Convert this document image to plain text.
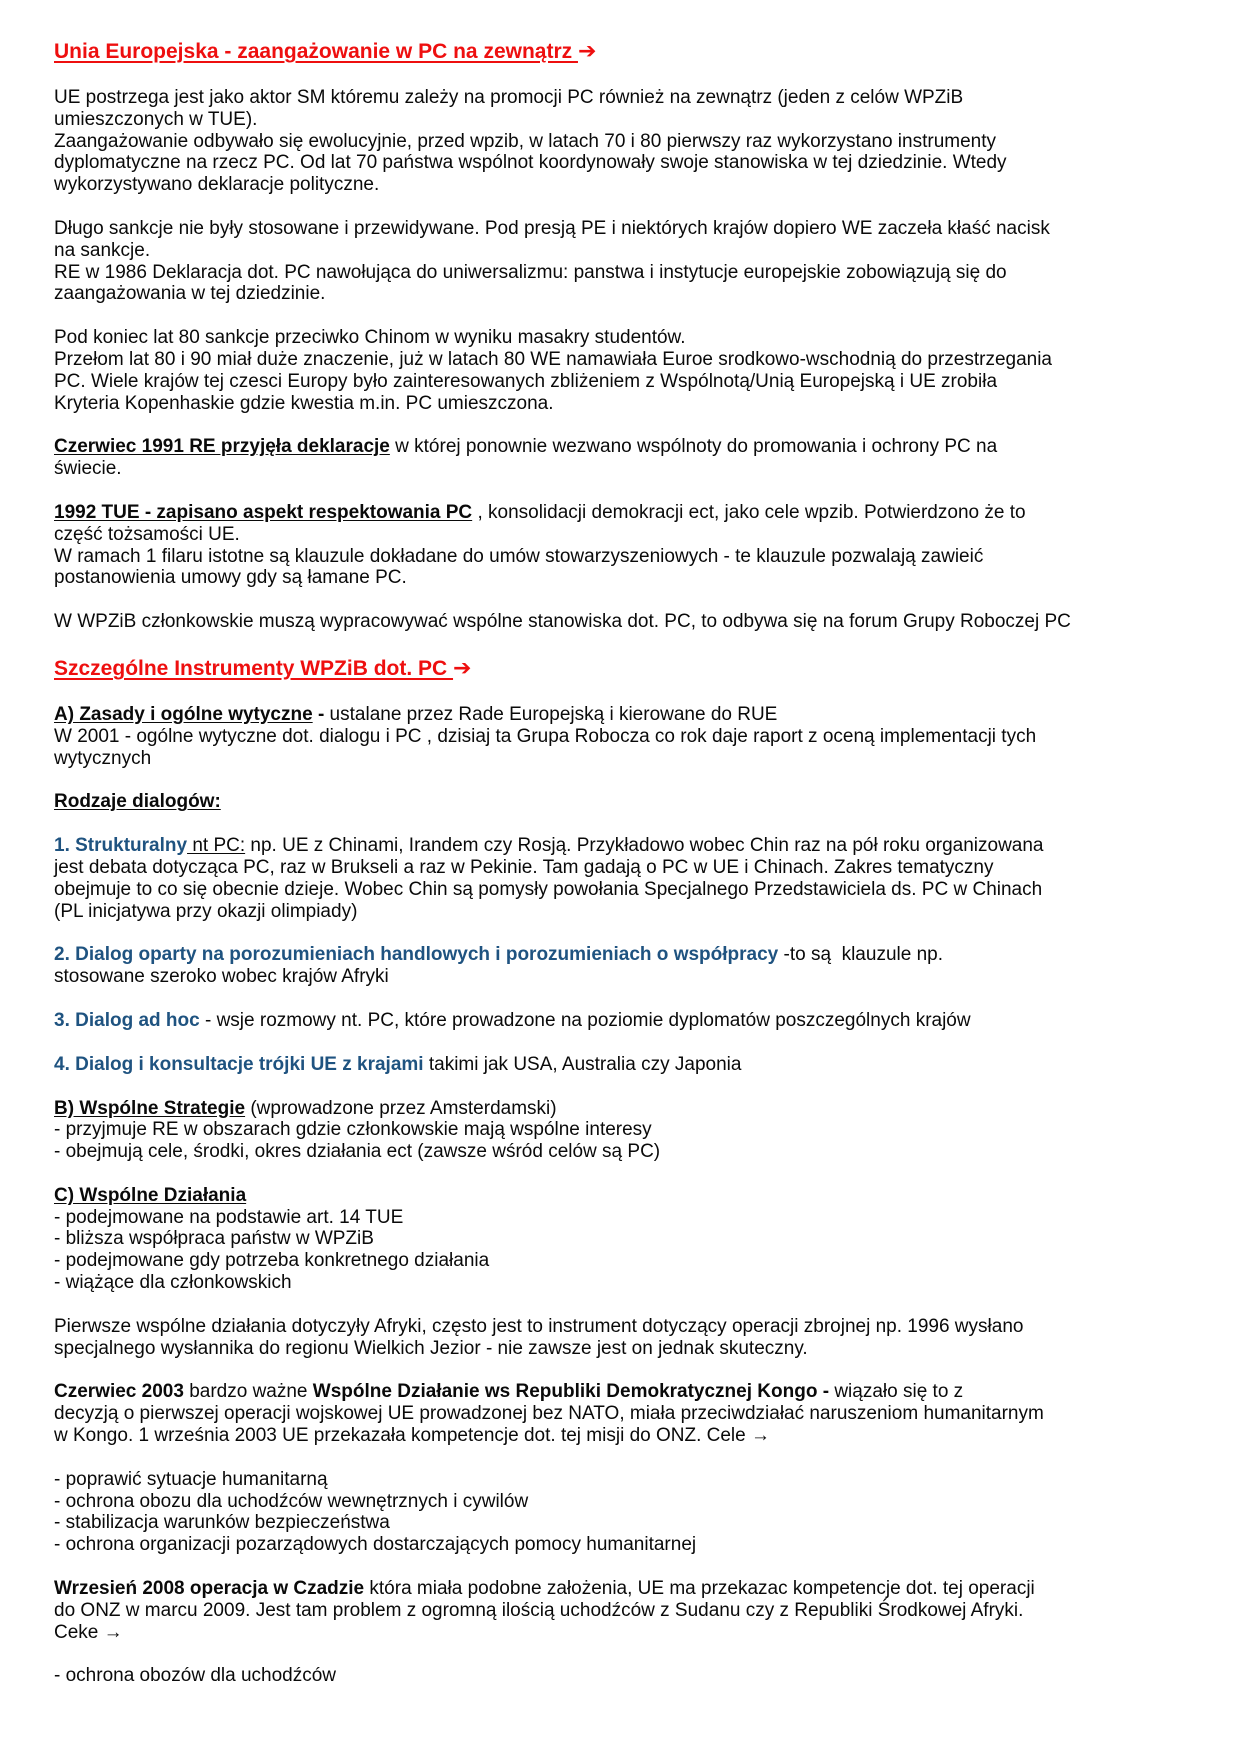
Unia Europejska - zaangażowanie w PC na zewnątrz ➔
UE postrzega jest jako aktor SM któremu zależy na promocji PC również na zewnątrz (jeden z celów WPZiB
umieszczonych w TUE).
Zaangażowanie odbywało się ewolucyjnie, przed wpzib, w latach 70 i 80 pierwszy raz wykorzystano instrumenty
dyplomatyczne na rzecz PC. Od lat 70 państwa wspólnot koordynowały swoje stanowiska w tej dziedzinie. Wtedy
wykorzystywano deklaracje polityczne.
Długo sankcje nie były stosowane i przewidywane. Pod presją PE i niektórych krajów dopiero WE zaczeła kłaść nacisk
na sankcje.
RE w 1986 Deklaracja dot. PC nawołująca do uniwersalizmu: panstwa i instytucje europejskie zobowiązują się do
zaangażowania w tej dziedzinie.
Pod koniec lat 80 sankcje przeciwko Chinom w wyniku masakry studentów.
Przełom lat 80 i 90 miał duże znaczenie, już w latach 80 WE namawiała Euroe srodkowo-wschodnią do przestrzegania
PC. Wiele krajów tej czesci Europy było zainteresowanych zbliżeniem z Wspólnotą/Unią Europejską i UE zrobiła
Kryteria Kopenhaskie gdzie kwestia m.in. PC umieszczona.
Czerwiec 1991 RE przyjęła deklaracje w której ponownie wezwano wspólnoty do promowania i ochrony PC na
świecie.
1992 TUE - zapisano aspekt respektowania PC , konsolidacji demokracji ect, jako cele wpzib. Potwierdzono że to
część tożsamości UE.
W ramach 1 filaru istotne są klauzule dokładane do umów stowarzyszeniowych - te klauzule pozwalają zawieić
postanowienia umowy gdy są łamane PC.
W WPZiB członkowskie muszą wypracowywać wspólne stanowiska dot. PC, to odbywa się na forum Grupy Roboczej PC
Szczególne Instrumenty WPZiB dot. PC ➔
A) Zasady i ogólne wytyczne - ustalane przez Rade Europejską i kierowane do RUE
W 2001 - ogólne wytyczne dot. dialogu i PC , dzisiaj ta Grupa Robocza co rok daje raport z oceną implementacji tych
wytycznych
Rodzaje dialogów:
1. Strukturalny nt PC: np. UE z Chinami, Irandem czy Rosją. Przykładowo wobec Chin raz na pół roku organizowana
jest debata dotycząca PC, raz w Brukseli a raz w Pekinie. Tam gadają o PC w UE i Chinach. Zakres tematyczny
obejmuje to co się obecnie dzieje. Wobec Chin są pomysły powołania Specjalnego Przedstawiciela ds. PC w Chinach
(PL inicjatywa przy okazji olimpiady)
2. Dialog oparty na porozumieniach handlowych i porozumieniach o współpracy -to są  klauzule np.
stosowane szeroko wobec krajów Afryki
3. Dialog ad hoc - wsje rozmowy nt. PC, które prowadzone na poziomie dyplomatów poszczególnych krajów
4. Dialog i konsultacje trójki UE z krajami takimi jak USA, Australia czy Japonia
B) Wspólne Strategie (wprowadzone przez Amsterdamski)
- przyjmuje RE w obszarach gdzie członkowskie mają wspólne interesy
- obejmują cele, środki, okres działania ect (zawsze wśród celów są PC)
C) Wspólne Działania
- podejmowane na podstawie art. 14 TUE
- bliższa współpraca państw w WPZiB
- podejmowane gdy potrzeba konkretnego działania
- wiążące dla członkowskich
Pierwsze wspólne działania dotyczyły Afryki, często jest to instrument dotyczący operacji zbrojnej np. 1996 wysłano
specjalnego wysłannika do regionu Wielkich Jezior - nie zawsze jest on jednak skuteczny.
Czerwiec 2003 bardzo ważne Wspólne Działanie ws Republiki Demokratycznej Kongo - wiązało się to z
decyzją o pierwszej operacji wojskowej UE prowadzonej bez NATO, miała przeciwdziałać naruszeniom humanitarnym
w Kongo. 1 września 2003 UE przekazała kompetencje dot. tej misji do ONZ. Cele →
- poprawić sytuacje humanitarną
- ochrona obozu dla uchodźców wewnętrznych i cywilów
- stabilizacja warunków bezpieczeństwa
- ochrona organizacji pozarządowych dostarczających pomocy humanitarnej
Wrzesień 2008 operacja w Czadzie która miała podobne założenia, UE ma przekazac kompetencje dot. tej operacji
do ONZ w marcu 2009. Jest tam problem z ogromną ilością uchodźców z Sudanu czy z Republiki Środkowej Afryki.
Ceke →
- ochrona obozów dla uchodźców
